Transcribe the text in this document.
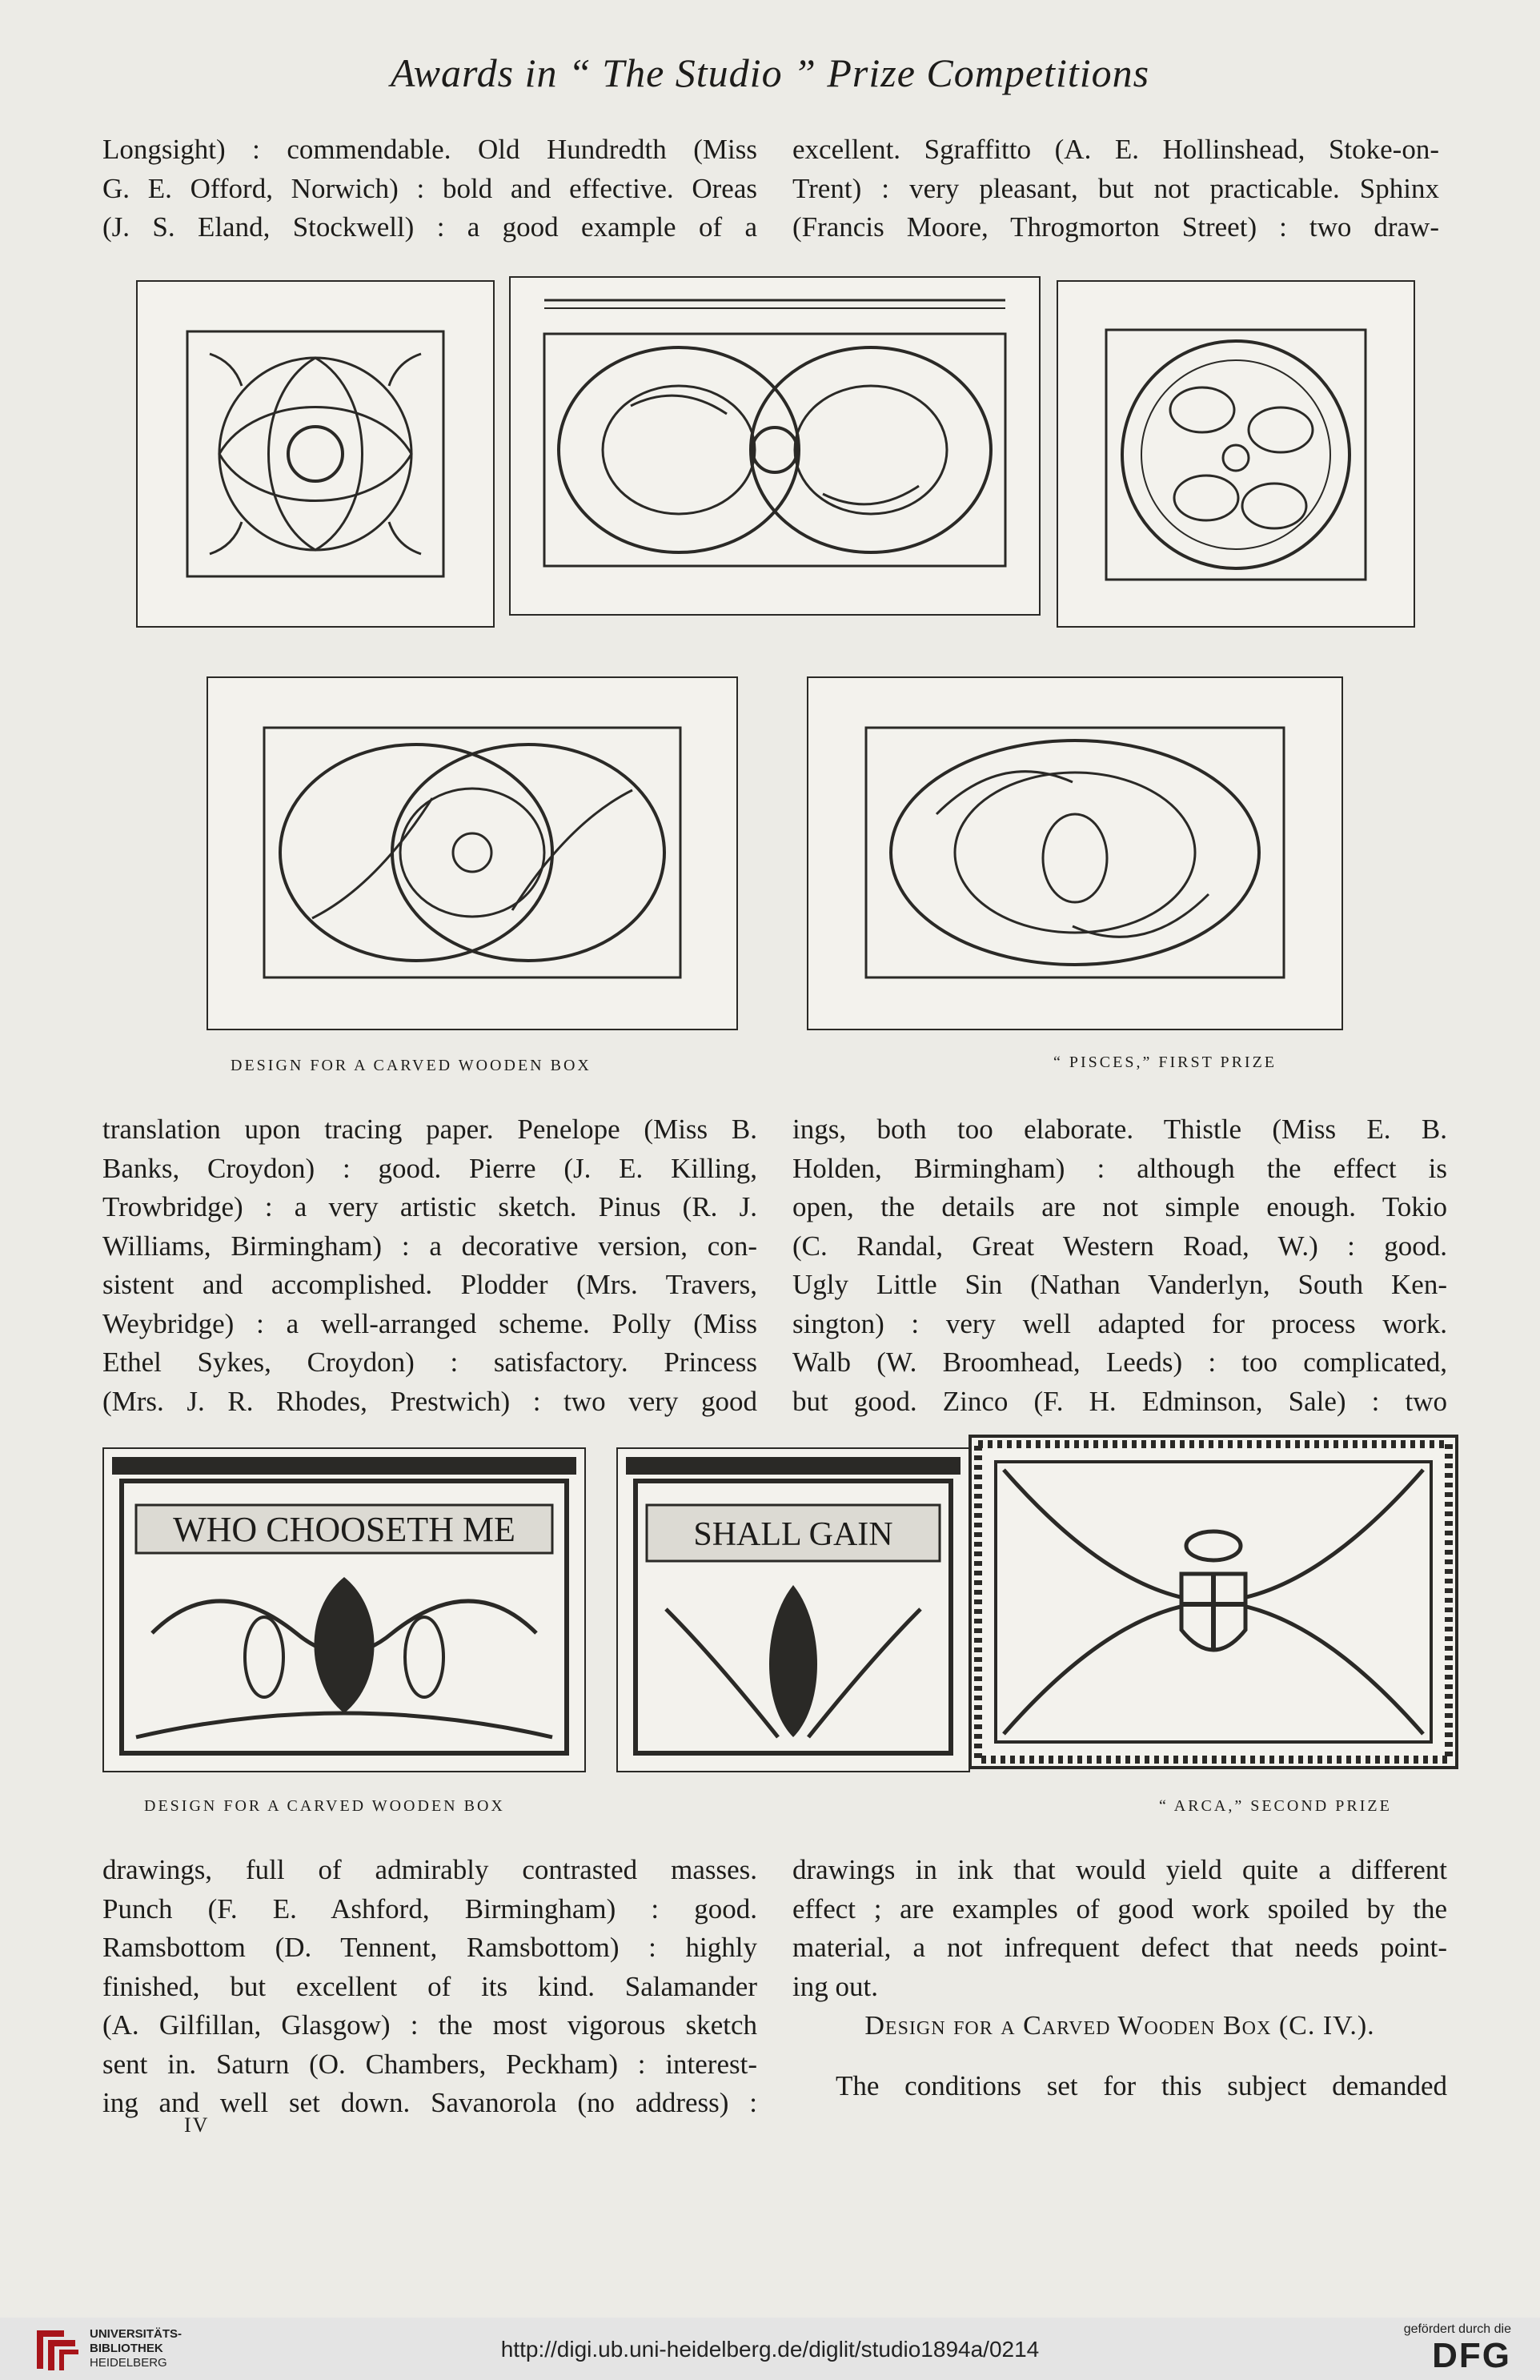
Awards in “ The Studio ” Prize Competitions
Longsight) : commendable. Old Hundredth (Miss
G. E. Offord, Norwich) : bold and effective. Oreas
(J. S. Eland, Stockwell) : a good example of a
excellent. Sgraffitto (A. E. Hollinshead, Stoke-on-
Trent) : very pleasant, but not practicable. Sphinx
(Francis Moore, Throgmorton Street) : two draw-
DESIGN FOR A CARVED WOODEN BOX	“ PISCES,” FIRST PRIZE
translation upon tracing paper. Penelope (Miss B.
Banks, Croydon) : good. Pierre (J. E. Killing,
Trowbridge) : a very artistic sketch. Pinus (R. J.
Williams, Birmingham) : a decorative version, con-
sistent and accomplished. Plodder (Mrs. Travers,
Weybridge) : a well-arranged scheme. Polly (Miss
Ethel Sykes, Croydon) : satisfactory. Princess
(Mrs. J. R. Rhodes, Prestwich) : two very good
ings, both too elaborate. Thistle (Miss E. B.
Holden, Birmingham) : although the effect is
open, the details are not simple enough. Tokio
(C. Randal, Great Western Road, W.) : good.
Ugly Little Sin (Nathan Vanderlyn, South Ken-
sington) : very well adapted for process work.
Walb (W. Broomhead, Leeds) : too complicated,
but good. Zinco (F. H. Edminson, Sale) : two
WHO CHOOSETH ME	SHALL GAIN
DESIGN FOR A CARVED WOODEN BOX	“ ARCA,” SECOND PRIZE
drawings, full of admirably contrasted masses.
Punch (F. E. Ashford, Birmingham) : good.
Ramsbottom (D. Tennent, Ramsbottom) : highly
finished, but excellent of its kind. Salamander
(A. Gilfillan, Glasgow) : the most vigorous sketch
sent in. Saturn (O. Chambers, Peckham) : interest-
ing and well set down. Savanorola (no address) :
drawings in ink that would yield quite a different
effect ; are examples of good work spoiled by the
material, a not infrequent defect that needs point-
ing out.
Design for a Carved Wooden Box (C. IV.).
The conditions set for this subject demanded
IV
UNIVERSITÄTS-
BIBLIOTHEK
HEIDELBERG
http://digi.ub.uni-heidelberg.de/diglit/studio1894a/0214
gefördert durch die
DFG
